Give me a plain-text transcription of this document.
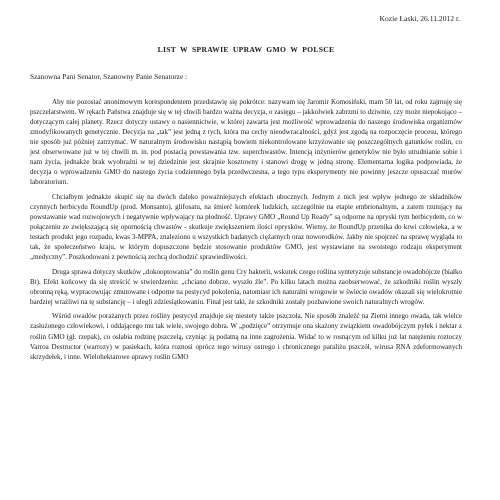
Kozie Łaski, 26.11.2012 r.
LIST W SPRAWIE UPRAW GMO W POLSCE
Szanowna Pani Senator, Szanowny Panie Senatorze :

Aby nie pozostać anonimowym korespondentem przedstawię się pokrótce: nazywam się Jaromir Komosiński, mam 50 lat, od roku zajmuję się pszczelarstwem. W rękach Państwa znajduje się w tej chwili bardzo ważna decyzja, o zasięgu – jakkolwiek zabrzmi to dziwnie, czy może niepokojąco – dotyczącym całej planety. Rzecz dotyczy ustawy o nasiennictwie, w której zawarta jest możliwość wprowadzenia do naszego środowiska organizmów zmodyfikowanych genetycznie. Decyzja na „tak” jest jedną z tych, która ma cechy nieodwracalności, gdyż jest zgodą na rozpoczęcie procesu, którego nie sposób już później zatrzymać. W naturalnym środowisku nastąpią bowiem niekontrolowane krzyżowanie się poszczególnych gatunków roślin, co jest obserwowane już w tej chwili m. in. pod postacią powstawania tzw. superchwastów. Intencją inżynierów genetyków nie było utrudnianie sobie i nam życia, jednakże brak wyobraźni w tej dziedzinie jest skrajnie kosztowny i stanowi drogę w jedną stronę. Elementarna logika podpowiada, że decyzja o wprowadzeniu GMO do naszego życia codziennego była przedwczesna, a tego typu eksperymenty nie powinny jeszcze opuszczać murów laboratorium.

Chciałbym jednakże skupić się na dwóch daleko poważniejszych efektach ubocznych. Jednym z nich jest wpływ jednego ze składników czynnych herbicydu RoundUp (prod. Monsanto), glifosatu, na śmierć komórek ludzkich, szczególnie na etapie embrionalnym, a zatem rzutujący na powstawanie wad rozwojowych i negatywnie wpływający na płodność. Uprawy GMO „Round Up Ready” są odporne na opryski tym herbicydem, co w połączeniu ze zwiększającą się opornością chwastów - skutkuje zwiększeniem ilości oprysków. Wiemy, że RoundUp przenika do krwi człowieka, a w testach produkt jego rozpadu, kwas 3-MPPA, znaleziono u wszystkich badanych ciężarnych oraz noworodków. Jakby nie spojrzeć na sprawę wygląda to tak, że społeczeństwo kraju, w którym dopuszczone będzie stosowanie produktów GMO, jest wystawiane na swoistego rodzaju eksperyment „medyczny”. Poszkodowani z pewnością zechcą dochodzić sprawiedliwości.

Druga sprawa dotyczy skutków „dokooptowania” do roślin genu Cry bakterii, wskutek czego roślina syntetyzuje substancje owadobójcze (białko Bt). Efekt końcowy da się streścić w stwierdzeniu: „chciano dobrze, wyszło źle”. Po kilku latach można zaobserwować, że szkodniki roślin wyszły obronną ręką, wypracowując zmutowane i odporne na pestycyd pokolenia, natomiast ich naturalni wrogowie w świecie owadów okazali się wielokrotnie bardziej wrażliwi na tę substancję – i ulegli zdziesiątkowaniu. Finał jest taki, że szkodniki zostały pozbawione swoich naturalnych wrogów.

Wśród owadów porażanych przez rośliny pestycyd znajduje się niestety także pszczoła. Nie sposób znaleźć na Ziemi innego owada, tak wielce zasłużonego człowiekowi, i oddającego mu tak wiele, swojego dobra. W „podzięce” otrzymuje ona skażony związkiem owadobójczym pyłek i nektar z roślin GMO (gł. rzepak), co osłabia rodzinę pszczelą, czyniąc ją podatną na inne zagrożenia. Widać to w rosnącym od kilku już lat natężeniu roztoczy Varroa Destructor (warrozy) w pasiekach, która roznosi oprócz tego wirusy ostrego i chronicznego paraliżu pszczół, wirusa RNA zdeformowanych skrzydełek, i inne. Wielohektarowe uprawy roślin GMO
